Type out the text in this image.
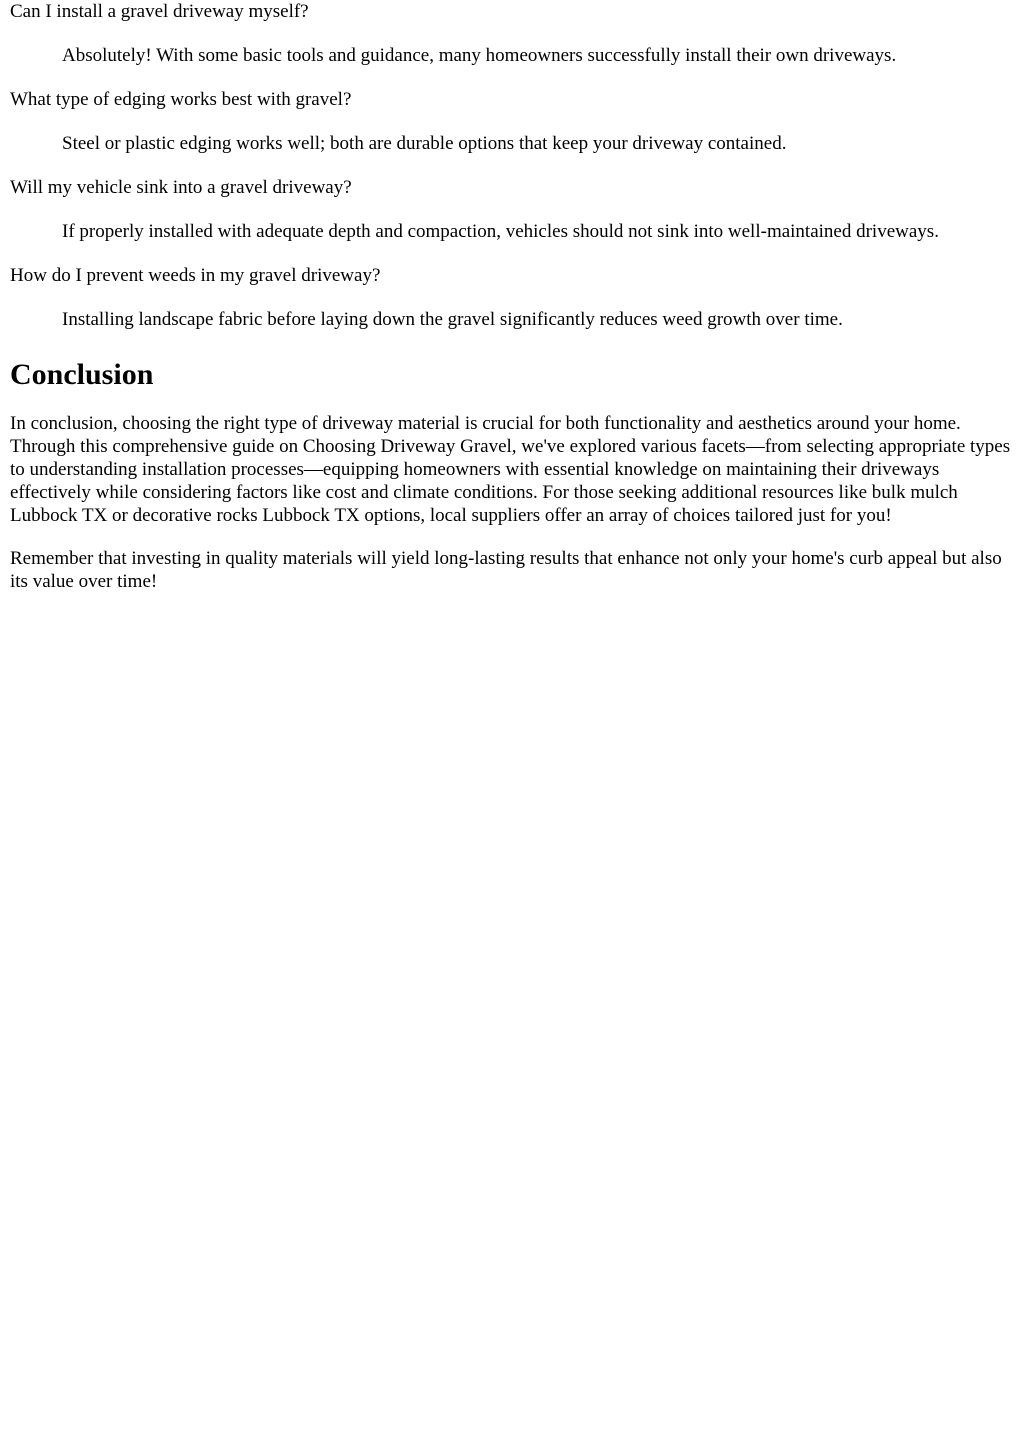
Can I install a gravel driveway myself?
Absolutely! With some basic tools and guidance, many homeowners successfully install their own driveways.
What type of edging works best with gravel?
Steel or plastic edging works well; both are durable options that keep your driveway contained.
Will my vehicle sink into a gravel driveway?
If properly installed with adequate depth and compaction, vehicles should not sink into well-maintained driveways.
How do I prevent weeds in my gravel driveway?
Installing landscape fabric before laying down the gravel significantly reduces weed growth over time.
Conclusion

In conclusion, choosing the right type of driveway material is crucial for both functionality and aesthetics around your home. Through this comprehensive guide on Choosing Driveway Gravel, we've explored various facets—from selecting appropriate types to understanding installation processes—equipping homeowners with essential knowledge on maintaining their driveways effectively while considering factors like cost and climate conditions. For those seeking additional resources like bulk mulch Lubbock TX or decorative rocks Lubbock TX options, local suppliers offer an array of choices tailored just for you!

Remember that investing in quality materials will yield long-lasting results that enhance not only your home's curb appeal but also its value over time!
